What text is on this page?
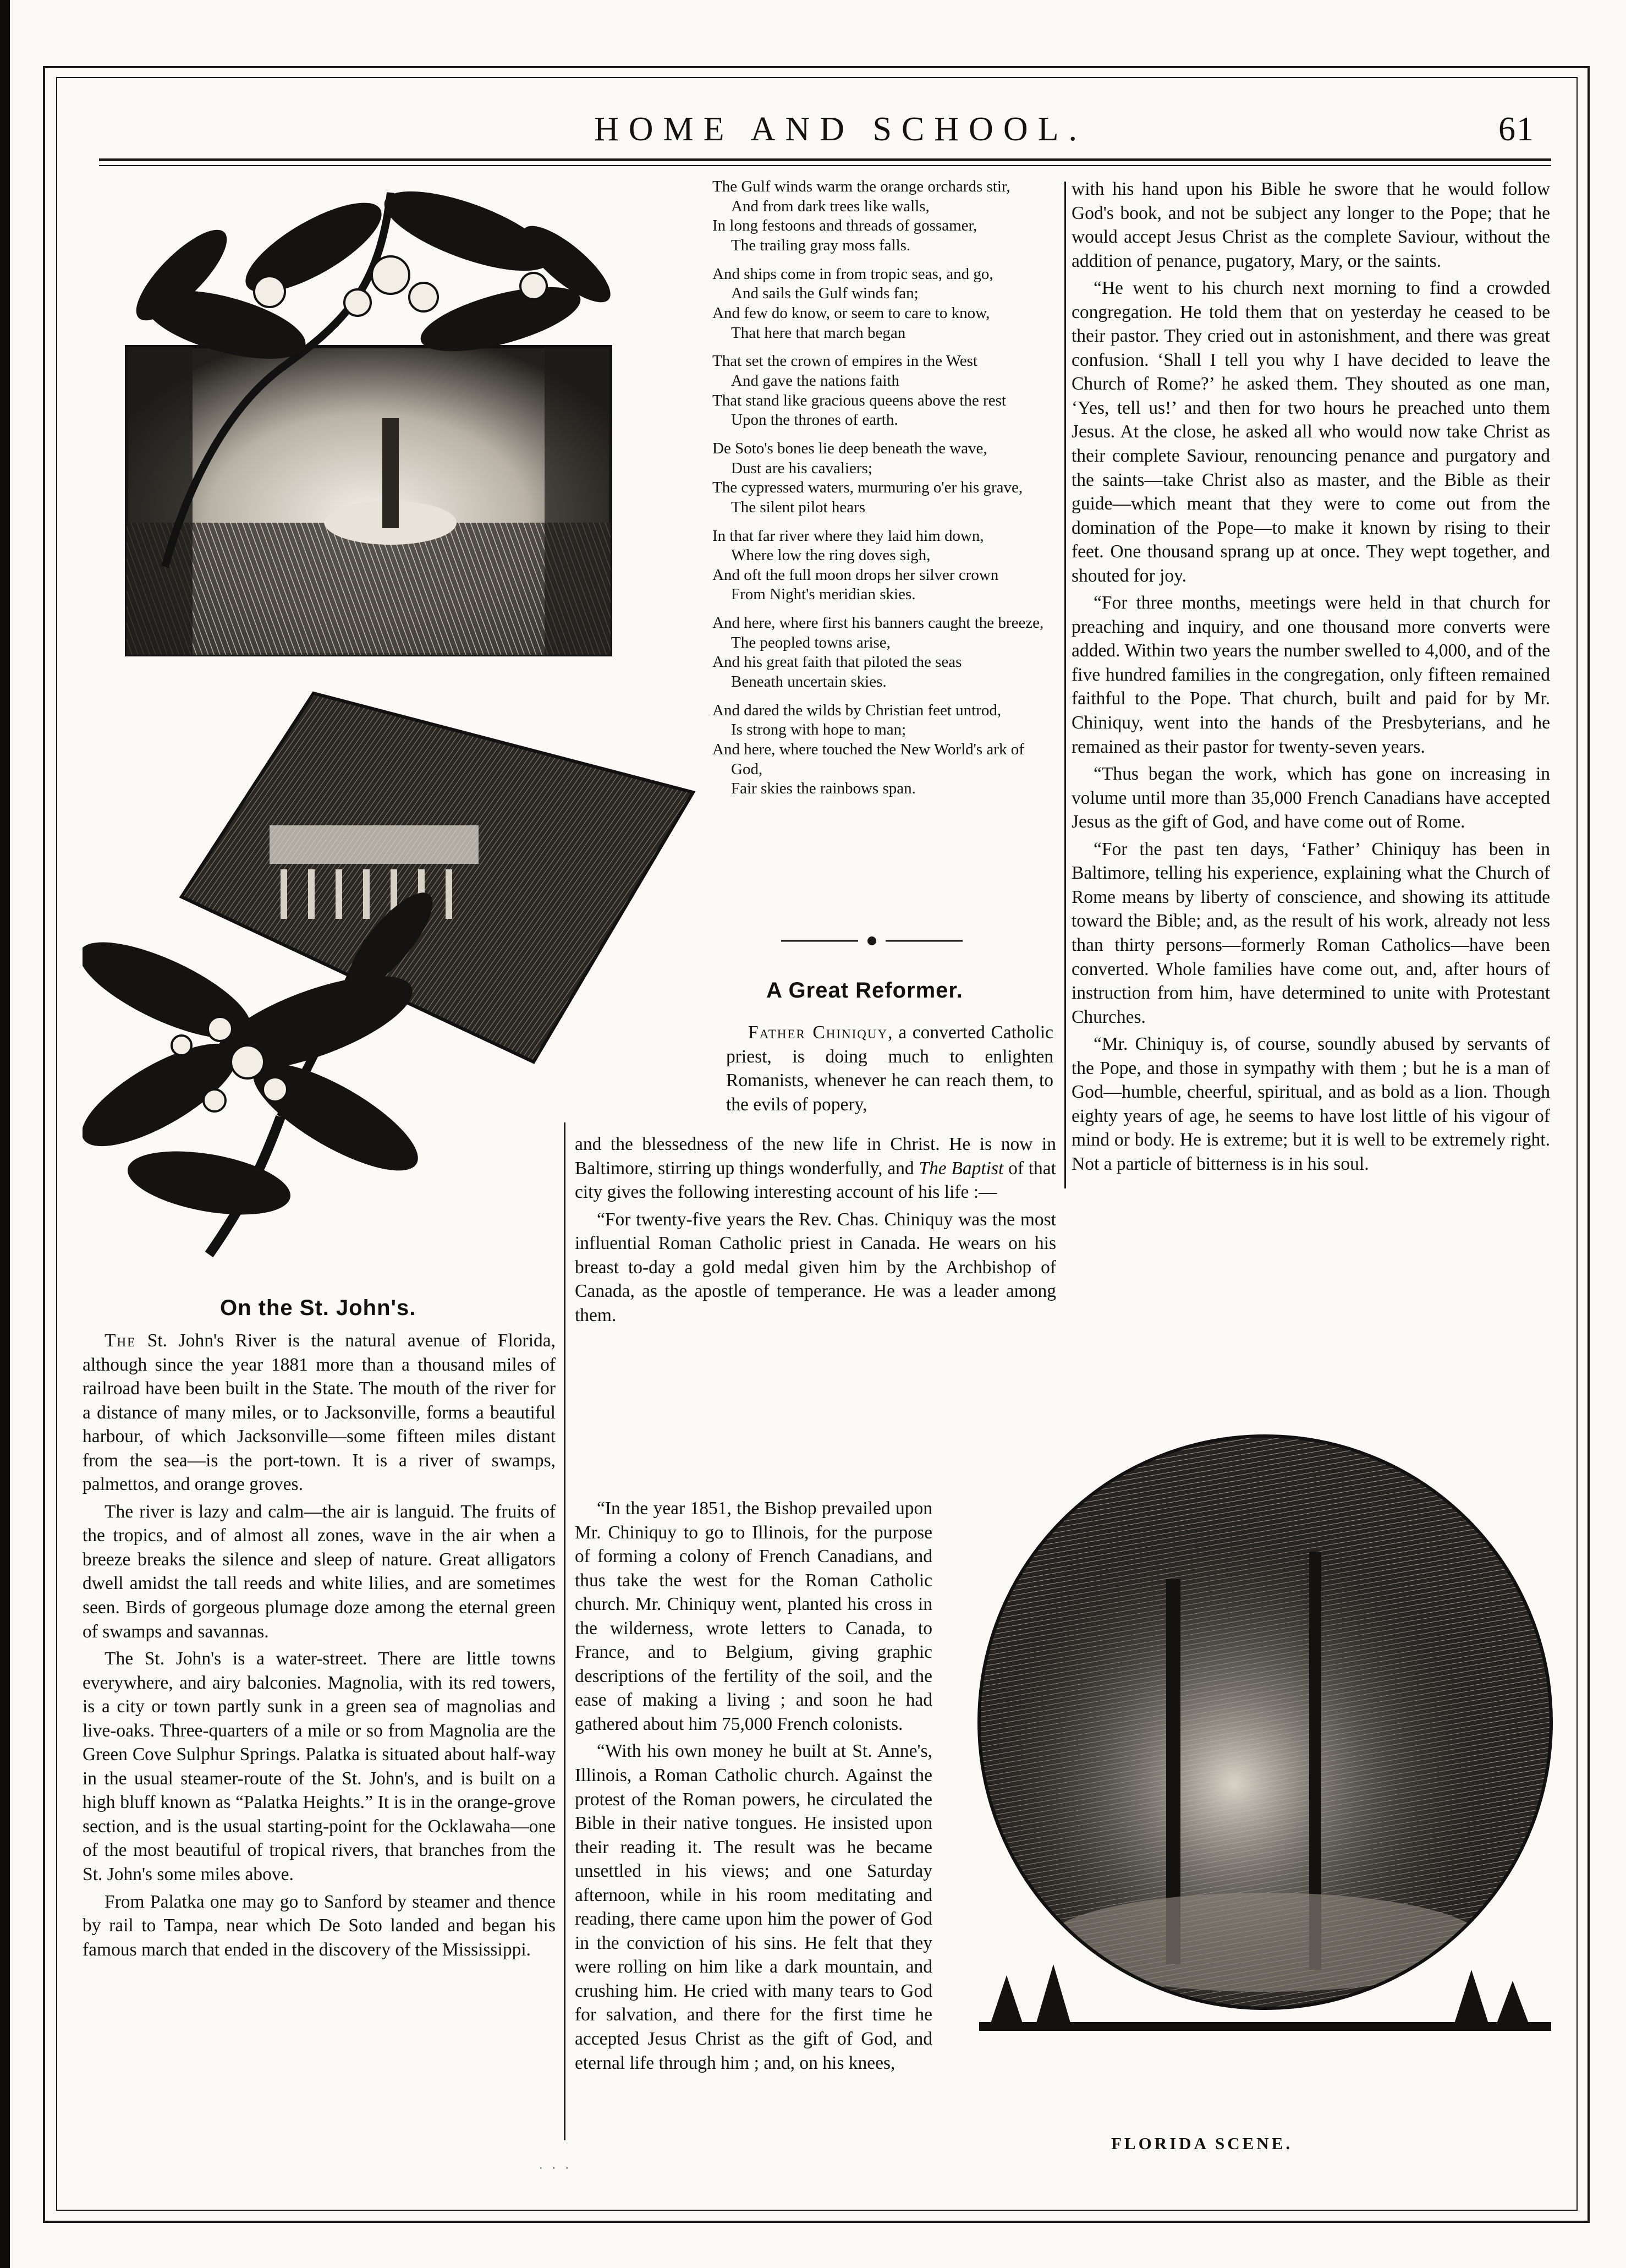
HOME AND SCHOOL.	61
The Gulf winds warm the orange orchards stir,
And from dark trees like walls,
In long festoons and threads of gossamer,
The trailing gray moss falls.
And ships come in from tropic seas, and go,
And sails the Gulf winds fan;
And few do know, or seem to care to know,
That here that march began
That set the crown of empires in the West
And gave the nations faith
That stand like gracious queens above the rest
Upon the thrones of earth.
De Soto's bones lie deep beneath the wave,
Dust are his cavaliers;
The cypressed waters, murmuring o'er his grave,
The silent pilot hears
In that far river where they laid him down,
Where low the ring doves sigh,
And oft the full moon drops her silver crown
From Night's meridian skies.
And here, where first his banners caught the breeze,
The peopled towns arise,
And his great faith that piloted the seas
Beneath uncertain skies.
And dared the wilds by Christian feet untrod,
Is strong with hope to man;
And here, where touched the New World's ark of God,
Fair skies the rainbows span.
A Great Reformer.

Father Chiniquy, a converted Catholic priest, is doing much to enlighten Romanists, whenever he can reach them, to the evils of popery,

and the blessedness of the new life in Christ. He is now in Baltimore, stirring up things wonderfully, and The Baptist of that city gives the following interesting account of his life :—

“For twenty-five years the Rev. Chas. Chiniquy was the most influential Roman Catholic priest in Canada. He wears on his breast to-day a gold medal given him by the Archbishop of Canada, as the apostle of temperance. He was a leader among them.

“In the year 1851, the Bishop prevailed upon Mr. Chiniquy to go to Illinois, for the purpose of forming a colony of French Canadians, and thus take the west for the Roman Catholic church. Mr. Chiniquy went, planted his cross in the wilderness, wrote letters to Canada, to France, and to Belgium, giving graphic descriptions of the fertility of the soil, and the ease of making a living ; and soon he had gathered about him 75,000 French colonists.

“With his own money he built at St. Anne's, Illinois, a Roman Catholic church. Against the protest of the Roman powers, he circulated the Bible in their native tongues. He insisted upon their reading it. The result was he became unsettled in his views; and one Saturday afternoon, while in his room meditating and reading, there came upon him the power of God in the conviction of his sins. He felt that they were rolling on him like a dark mountain, and crushing him. He cried with many tears to God for salvation, and there for the first time he accepted Jesus Christ as the gift of God, and eternal life through him ; and, on his knees,

with his hand upon his Bible he swore that he would follow God's book, and not be subject any longer to the Pope; that he would accept Jesus Christ as the complete Saviour, without the addition of penance, pugatory, Mary, or the saints.

“He went to his church next morning to find a crowded congregation. He told them that on yesterday he ceased to be their pastor. They cried out in astonishment, and there was great confusion. ‘Shall I tell you why I have decided to leave the Church of Rome?’ he asked them. They shouted as one man, ‘Yes, tell us!’ and then for two hours he preached unto them Jesus. At the close, he asked all who would now take Christ as their complete Saviour, renouncing penance and purgatory and the saints—take Christ also as master, and the Bible as their guide—which meant that they were to come out from the domination of the Pope—to make it known by rising to their feet. One thousand sprang up at once. They wept together, and shouted for joy.

“For three months, meetings were held in that church for preaching and inquiry, and one thousand more converts were added. Within two years the number swelled to 4,000, and of the five hundred families in the congregation, only fifteen remained faithful to the Pope. That church, built and paid for by Mr. Chiniquy, went into the hands of the Presbyterians, and he remained as their pastor for twenty-seven years.

“Thus began the work, which has gone on increasing in volume until more than 35,000 French Canadians have accepted Jesus as the gift of God, and have come out of Rome.

“For the past ten days, ‘Father’ Chiniquy has been in Baltimore, telling his experience, explaining what the Church of Rome means by liberty of conscience, and showing its attitude toward the Bible; and, as the result of his work, already not less than thirty persons—formerly Roman Catholics—have been converted. Whole families have come out, and, after hours of instruction from him, have determined to unite with Protestant Churches.

“Mr. Chiniquy is, of course, soundly abused by servants of the Pope, and those in sympathy with them ; but he is a man of God—humble, cheerful, spiritual, and as bold as a lion. Though eighty years of age, he seems to have lost little of his vigour of mind or body. He is extreme; but it is well to be extremely right. Not a particle of bitterness is in his soul.

On the St. John's.

The St. John's River is the natural avenue of Florida, although since the year 1881 more than a thousand miles of railroad have been built in the State. The mouth of the river for a distance of many miles, or to Jacksonville, forms a beautiful harbour, of which Jacksonville—some fifteen miles distant from the sea—is the port-town. It is a river of swamps, palmettos, and orange groves.

The river is lazy and calm—the air is languid. The fruits of the tropics, and of almost all zones, wave in the air when a breeze breaks the silence and sleep of nature. Great alligators dwell amidst the tall reeds and white lilies, and are sometimes seen. Birds of gorgeous plumage doze among the eternal green of swamps and savannas.

The St. John's is a water-street. There are little towns everywhere, and airy balconies. Magnolia, with its red towers, is a city or town partly sunk in a green sea of magnolias and live-oaks. Three-quarters of a mile or so from Magnolia are the Green Cove Sulphur Springs. Palatka is situated about half-way in the usual steamer-route of the St. John's, and is built on a high bluff known as “Palatka Heights.” It is in the orange-grove section, and is the usual starting-point for the Ocklawaha—one of the most beautiful of tropical rivers, that branches from the St. John's some miles above.

From Palatka one may go to Sanford by steamer and thence by rail to Tampa, near which De Soto landed and began his famous march that ended in the discovery of the Mississippi.

FLORIDA SCENE.
· · ·
